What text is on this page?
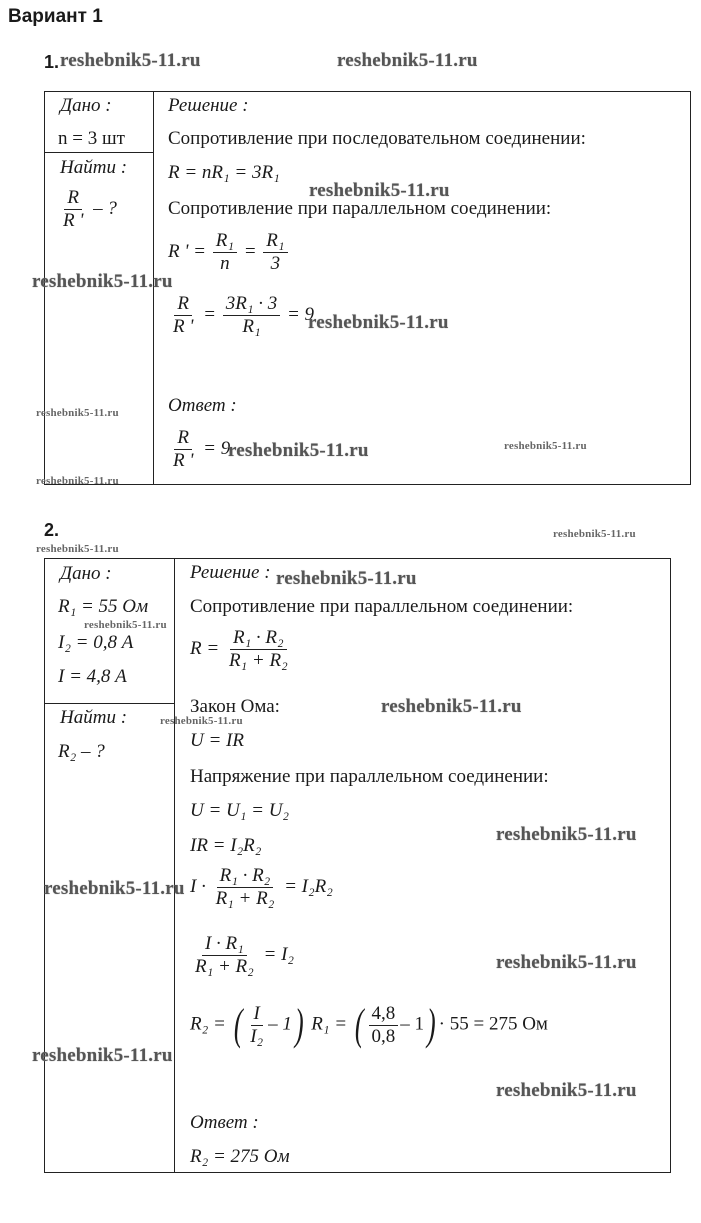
Вариант 1
1. reshebnik5-11.ru	reshebnik5-11.ru
Дано :
n = 3 шт
Найти :
$\frac{R}{R '}$ – ?
Решение :
Сопротивление при последовательном соединении:
R = nR₁ = 3R₁
reshebnik5-11.ru
Сопротивление при параллельном соединении:
R ' = $\frac{\text{R₁}}{n} = \frac{\text{R₁}}{3}$
reshebnik5-11.ru
$\frac{R}{R '} = \frac{\text{3R₁ · 3}}{\text{R₁}} = 9$
reshebnik5-11.ru
reshebnik5-11.ru	Ответ :
$\frac{R}{R '} = 9$
reshebnik5-11.ru	reshebnik5-11.ru
reshebnik5-11.ru
2.	reshebnik5-11.ru
reshebnik5-11.ru
Дано :
R₁ = 55 Ом
reshebnik5-11.ru
I₂ = 0,8 А
I = 4,8 А
Найти :	reshebnik5-11.ru
R₂ – ?
Решение : reshebnik5-11.ru
Сопротивление при параллельном соединении:
$R = \frac{\text{R₁ · R₂}}{\text{R₁ + R₂}}$
Закон Ома:	reshebnik5-11.ru
U = IR
Напряжение при параллельном соединении:
U = U₁ = U₂
reshebnik5-11.ru
IR = I₂R₂
reshebnik5-11.ru $I \cdot \frac{\text{R₁ · R₂}}{\text{R₁ + R₂}} = I_2R_2$
$\frac{\text{I · R₁}}{\text{R₁ + R₂}} = I_2$	reshebnik5-11.ru
R₂ = ( $\frac{I}{\text{I₂}} - 1$) R₁ = ( $\frac{4,8}{0,8} - 1) \cdot 55 = 275$ Ом
reshebnik5-11.ru
reshebnik5-11.ru
Ответ :
R₂ = 275 Ом
